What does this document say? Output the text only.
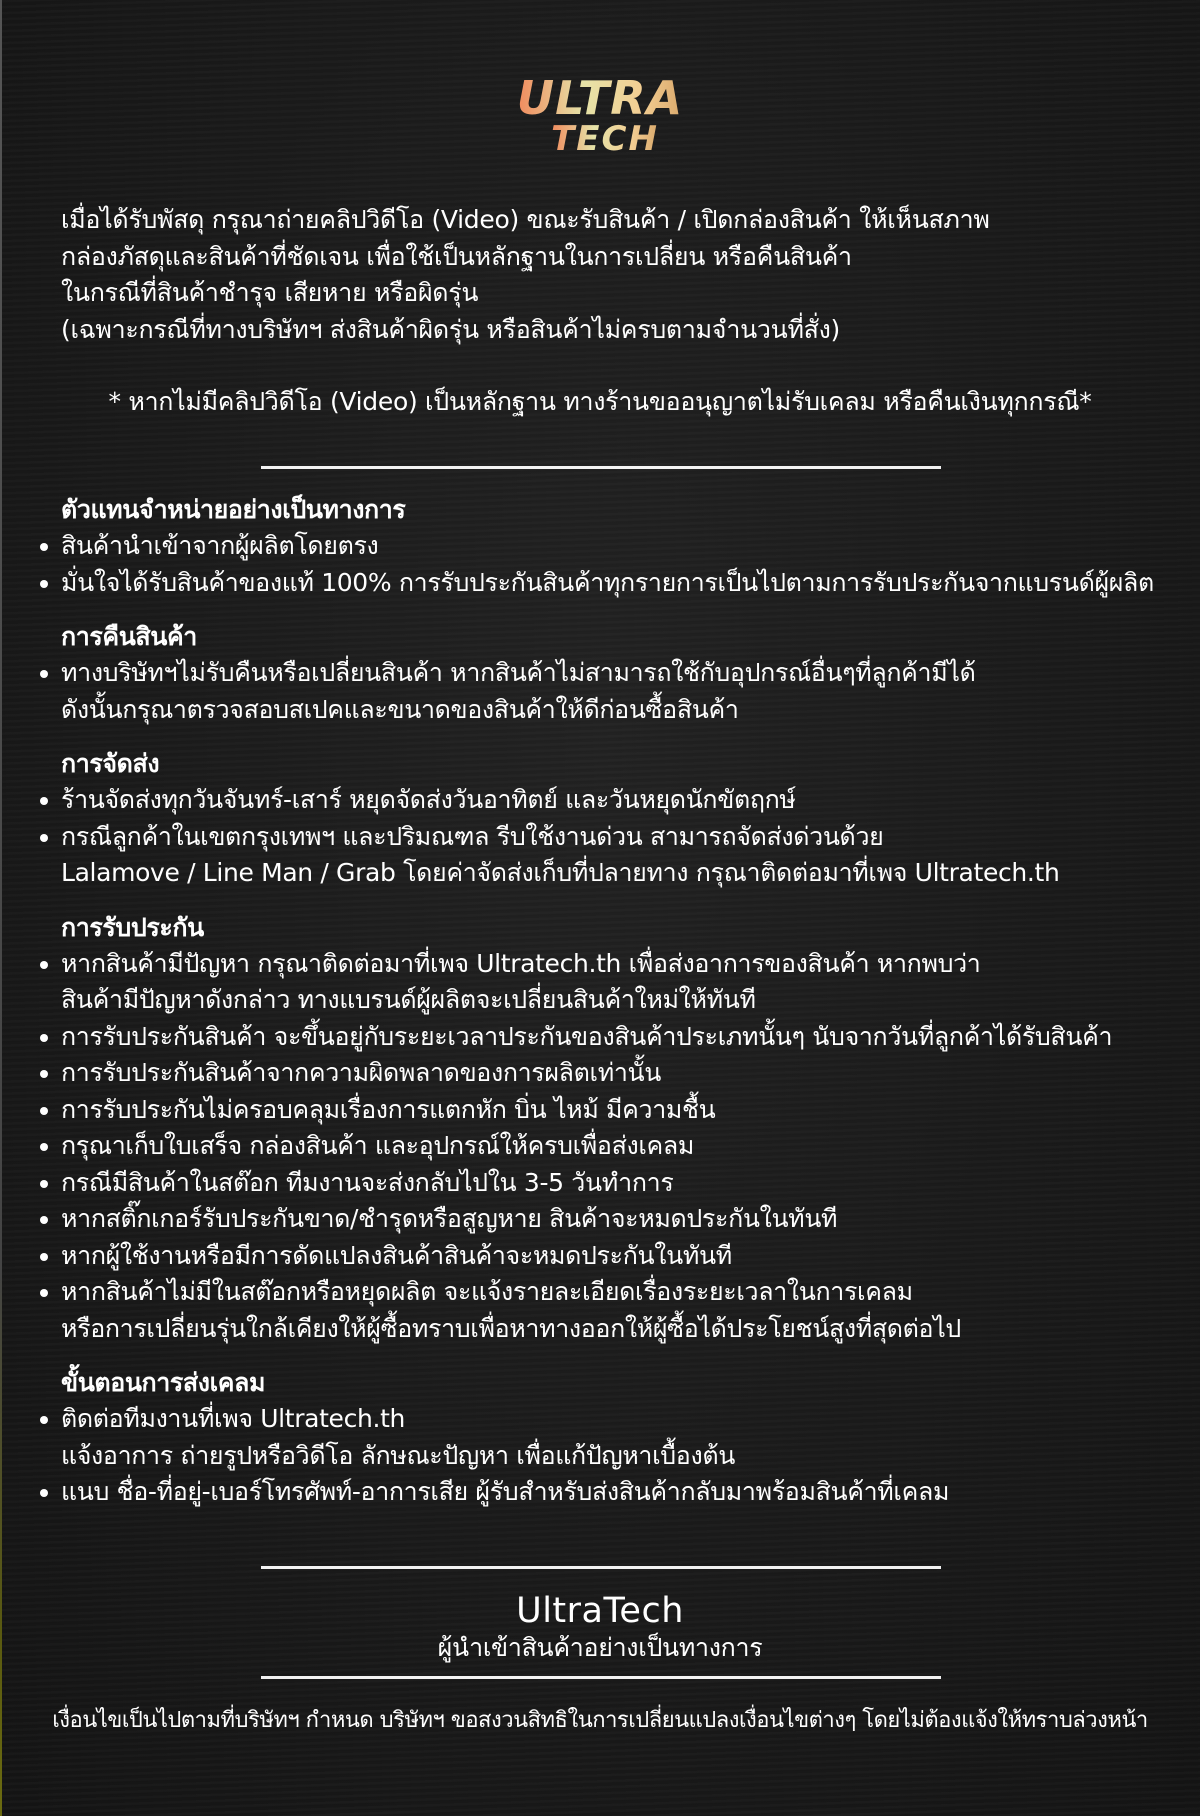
ULTRA
TECH
เมื่อได้รับพัสดุ กรุณาถ่ายคลิปวิดีโอ (Video) ขณะรับสินค้า / เปิดกล่องสินค้า ให้เห็นสภาพ
กล่องภัสดุและสินค้าที่ชัดเจน เพื่อใช้เป็นหลักฐานในการเปลี่ยน หรือคืนสินค้า
ในกรณีที่สินค้าชำรุจ เสียหาย หรือผิดรุ่น
(เฉพาะกรณีที่ทางบริษัทฯ ส่งสินค้าผิดรุ่น หรือสินค้าไม่ครบตามจำนวนที่สั่ง)
* หากไม่มีคลิปวิดีโอ (Video) เป็นหลักฐาน ทางร้านขออนุญาตไม่รับเคลม หรือคืนเงินทุกกรณี*
ตัวแทนจำหน่ายอย่างเป็นทางการ
สินค้านำเข้าจากผู้ผลิตโดยตรง
มั่นใจได้รับสินค้าของแท้ 100% การรับประกันสินค้าทุกรายการเป็นไปตามการรับประกันจากแบรนด์ผู้ผลิต
การคืนสินค้า
ทางบริษัทฯไม่รับคืนหรือเปลี่ยนสินค้า หากสินค้าไม่สามารถใช้กับอุปกรณ์อื่นๆที่ลูกค้ามีได้
ดังนั้นกรุณาตรวจสอบสเปคและขนาดของสินค้าให้ดีก่อนซื้อสินค้า
การจัดส่ง
ร้านจัดส่งทุกวันจันทร์-เสาร์ หยุดจัดส่งวันอาทิตย์ และวันหยุดนักขัตฤกษ์
กรณีลูกค้าในเขตกรุงเทพฯ และปริมณฑล รีบใช้งานด่วน สามารถจัดส่งด่วนด้วย
Lalamove / Line Man / Grab โดยค่าจัดส่งเก็บที่ปลายทาง กรุณาติดต่อมาที่เพจ Ultratech.th
การรับประกัน
หากสินค้ามีปัญหา กรุณาติดต่อมาที่เพจ Ultratech.th เพื่อส่งอาการของสินค้า หากพบว่า
สินค้ามีปัญหาดังกล่าว ทางแบรนด์ผู้ผลิตจะเปลี่ยนสินค้าใหม่ให้ทันที
การรับประกันสินค้า จะขึ้นอยู่กับระยะเวลาประกันของสินค้าประเภทนั้นๆ นับจากวันที่ลูกค้าได้รับสินค้า
การรับประกันสินค้าจากความผิดพลาดของการผลิตเท่านั้น
การรับประกันไม่ครอบคลุมเรื่องการแตกหัก บิ่น ไหม้ มีความชื้น
กรุณาเก็บใบเสร็จ กล่องสินค้า และอุปกรณ์ให้ครบเพื่อส่งเคลม
กรณีมีสินค้าในสต๊อก ทีมงานจะส่งกลับไปใน 3-5 วันทำการ
หากสติ๊กเกอร์รับประกันขาด/ชำรุดหรือสูญหาย สินค้าจะหมดประกันในทันที
หากผู้ใช้งานหรือมีการดัดแปลงสินค้าสินค้าจะหมดประกันในทันที
หากสินค้าไม่มีในสต๊อกหรือหยุดผลิต จะแจ้งรายละเอียดเรื่องระยะเวลาในการเคลม
หรือการเปลี่ยนรุ่นใกล้เคียงให้ผู้ซื้อทราบเพื่อหาทางออกให้ผู้ซื้อได้ประโยชน์สูงที่สุดต่อไป
ขั้นตอนการส่งเคลม
ติดต่อทีมงานที่เพจ Ultratech.th
แจ้งอาการ ถ่ายรูปหรือวิดีโอ ลักษณะปัญหา เพื่อแก้ปัญหาเบื้องต้น
แนบ ชื่อ-ที่อยู่-เบอร์โทรศัพท์-อาการเสีย ผู้รับสำหรับส่งสินค้ากลับมาพร้อมสินค้าที่เคลม
UltraTech
ผู้นำเข้าสินค้าอย่างเป็นทางการ
เงื่อนไขเป็นไปตามที่บริษัทฯ กำหนด บริษัทฯ ขอสงวนสิทธิในการเปลี่ยนแปลงเงื่อนไขต่างๆ โดยไม่ต้องแจ้งให้ทราบล่วงหน้า
